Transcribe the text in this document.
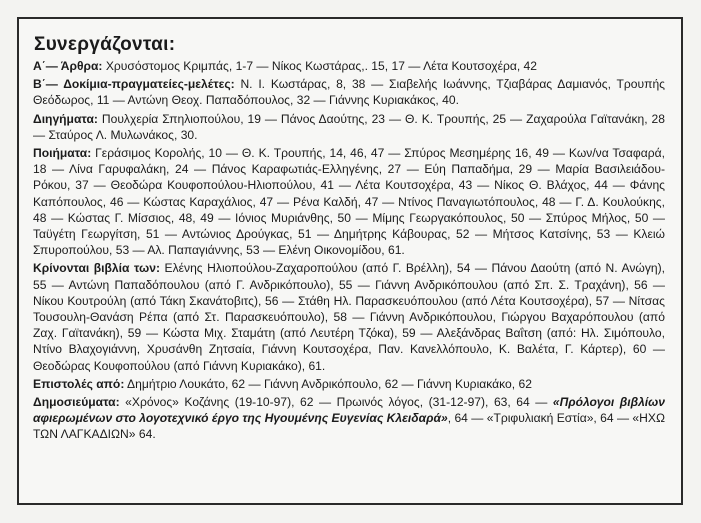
Συνεργάζονται:

Α΄— Άρθρα: Χρυσόστομος Κριμπάς, 1-7 — Νίκος Κωστάρας,. 15, 17 — Λέτα Κουτσοχέρα, 42

Β΄— Δοκίμια-πραγματείες-μελέτες: Ν. Ι. Κωστάρας, 8, 38 — Σιαβελής Ιωάννης, Τζιαβάρας Δαμιανός, Τρουπής Θεόδωρος, 11 — Αντώνη Θεοχ. Παπαδόπουλος, 32 — Γιάννης Κυριακάκος, 40.

Διηγήματα: Πουλχερία Σπηλιοπούλου, 19 — Πάνος Δαούτης, 23 — Θ. Κ. Τρουπής, 25 — Ζαχαρούλα Γαϊτανάκη, 28 — Σταύρος Λ. Μυλωνάκος, 30.

Ποιήματα: Γεράσιμος Κορολής, 10 — Θ. Κ. Τρουπής, 14, 46, 47 — Σπύρος Μεσημέρης 16, 49 — Κων/να Τσαφαρά, 18 — Λίνα Γαρυφαλάκη, 24 — Πάνος Καραφωτιάς-Ελληγένης, 27 — Εύη Παπαδήμα, 29 — Μαρία Βασιλειάδου-Ρόκου, 37 — Θεοδώρα Κουφοπούλου-Ηλιοπούλου, 41 — Λέτα Κουτσοχέρα, 43 — Νίκος Θ. Βλάχος, 44 — Φάνης Καπόπουλος, 46 — Κώστας Καραχάλιος, 47 — Ρένα Καλδή, 47 — Ντίνος Παναγιωτόπουλος, 48 — Γ. Δ. Κουλούκης, 48 — Κώστας Γ. Μίσσιος, 48, 49 — Ιόνιος Μυριάνθης, 50 — Μίμης Γεωργακόπουλος, 50 — Σπύρος Μήλος, 50 — Ταϋγέτη Γεωργίτση, 51 — Αντώνιος Δρούγκας, 51 — Δημήτρης Κάβουρας, 52 — Μήτσος Κατσίνης, 53 — Κλειώ Σπυροπούλου, 53 — Αλ. Παπαγιάννης, 53 — Ελένη Οικονομίδου, 61.

Κρίνονται βιβλία των: Ελένης Ηλιοπούλου-Ζαχαροπούλου (από Γ. Βρέλλη), 54 — Πάνου Δαούτη (από Ν. Ανώγη), 55 — Αντώνη Παπαδόπουλου (από Γ. Ανδρικόπουλο), 55 — Γιάννη Ανδρικόπουλου (από Σπ. Σ. Τραχάνη), 56 — Νίκου Κουτρούλη (από Τάκη Σκανάτοβιτς), 56 — Στάθη Ηλ. Παρασκευόπουλου (από Λέτα Κουτσοχέρα), 57 — Νίτσας Τουσουλη-Θανάση Ρέπα (από Στ. Παρασκευόπουλο), 58 — Γιάννη Ανδρικόπουλου, Γιώργου Βαχαρόπουλου (από Ζαχ. Γαϊτανάκη), 59 — Κώστα Μιχ. Σταμάτη (από Λευτέρη Τζόκα), 59 — Αλεξάνδρας Βαΐτση (από: Ηλ. Σιμόπουλο, Ντίνο Βλαχογιάννη, Χρυσάνθη Ζητσαία, Γιάννη Κουτσοχέρα, Παν. Κανελλόπουλο, Κ. Βαλέτα, Γ. Κάρτερ), 60 — Θεοδώρας Κουφοπούλου (από Γιάννη Κυριακάκο), 61.

Επιστολές από: Δημήτριο Λουκάτο, 62 — Γιάννη Ανδρικόπουλο, 62 — Γιάννη Κυριακάκο, 62

Δημοσιεύματα: «Χρόνος» Κοζάνης (19-10-97), 62 — Πρωινός λόγος, (31-12-97), 63, 64 — «Πρόλογοι βιβλίων αφιερωμένων στο λογοτεχνικό έργο της Ηγουμένης Ευγενίας Κλειδαρά», 64 — «Τριφυλιακή Εστία», 64 — «ΗΧΩ ΤΩΝ ΛΑΓΚΑΔΙΩΝ» 64.
